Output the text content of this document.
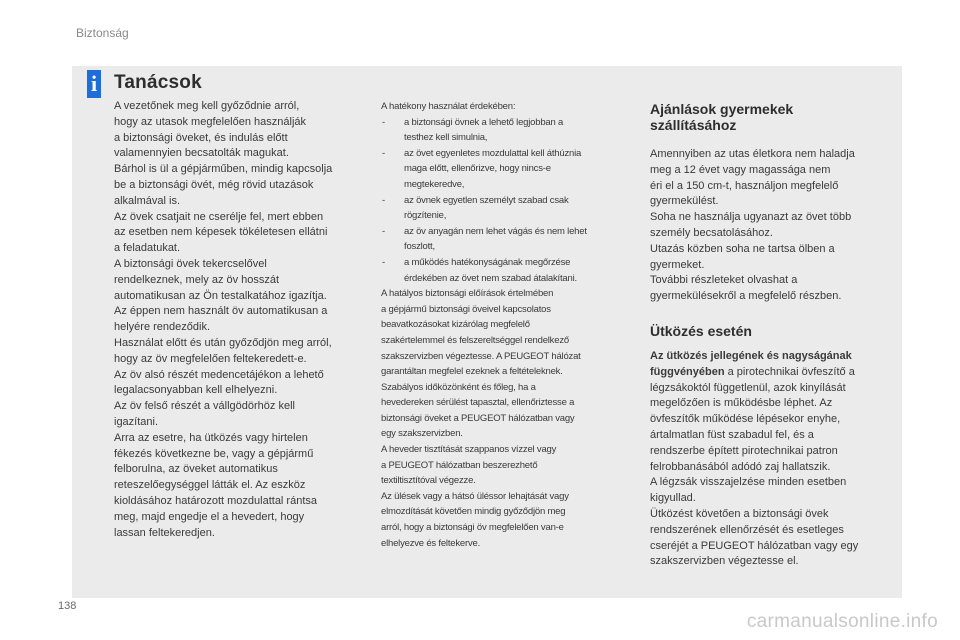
Biztonság

i Tanácsok

A vezetőnek meg kell győződnie arról,

hogy az utasok megfelelően használják

a biztonsági öveket, és indulás előtt

valamennyien becsatolták magukat.

Bárhol is ül a gépjárműben, mindig kapcsolja

be a biztonsági övét, még rövid utazások

alkalmával is.

Az övek csatjait ne cserélje fel, mert ebben

az esetben nem képesek tökéletesen ellátni

a feladatukat.

A biztonsági övek tekercselővel

rendelkeznek, mely az öv hosszát

automatikusan az Ön testalkatához igazítja.

Az éppen nem használt öv automatikusan a

helyére rendeződik.

Használat előtt és után győződjön meg arról,

hogy az öv megfelelően feltekeredett-e.

Az öv alsó részét medencetájékon a lehető

legalacsonyabban kell elhelyezni.

Az öv felső részét a vállgödörhöz kell

igazítani.

Arra az esetre, ha ütközés vagy hirtelen

fékezés következne be, vagy a gépjármű

felborulna, az öveket automatikus

reteszelőegységgel látták el. Az eszköz

kioldásához határozott mozdulattal rántsa

meg, majd engedje el a hevedert, hogy

lassan feltekeredjen.

A hatékony használat érdekében:

- a biztonsági övnek a lehető legjobban a
testhez kell simulnia,
- az övet egyenletes mozdulattal kell áthúznia
maga előtt, ellenőrizve, hogy nincs-e
megtekeredve,
- az övnek egyetlen személyt szabad csak
rögzítenie,
- az öv anyagán nem lehet vágás és nem lehet
foszlott,
- a működés hatékonyságának megőrzése
érdekében az övet nem szabad átalakítani.

A hatályos biztonsági előírások értelmében

a gépjármű biztonsági öveivel kapcsolatos

beavatkozásokat kizárólag megfelelő

szakértelemmel és felszereltséggel rendelkező

szakszervizben végeztesse. A PEUGEOT hálózat

garantáltan megfelel ezeknek a feltételeknek.

Szabályos időközönként és főleg, ha a

hevedereken sérülést tapasztal, ellenőriztesse a

biztonsági öveket a PEUGEOT hálózatban vagy

egy szakszervizben.

A heveder tisztítását szappanos vízzel vagy

a PEUGEOT hálózatban beszerezhető

textiltisztítóval végezze.

Az ülések vagy a hátsó üléssor lehajtását vagy

elmozdítását követően mindig győződjön meg

arról, hogy a biztonsági öv megfelelően van-e

elhelyezve és feltekerve.

Ajánlások gyermekek
szállításához

Amennyiben az utas életkora nem haladja

meg a 12 évet vagy magassága nem

éri el a 150 cm-t, használjon megfelelő

gyermekülést.

Soha ne használja ugyanazt az övet több

személy becsatolásához.

Utazás közben soha ne tartsa ölben a

gyermeket.

További részleteket olvashat a

gyermekülésekről a megfelelő részben.

Ütközés esetén

Az ütközés jellegének és nagyságának

függvényében a pirotechnikai övfeszítő a

légzsákoktól függetlenül, azok kinyílását

megelőzően is működésbe léphet. Az

övfeszítők működése lépésekor enyhe,

ártalmatlan füst szabadul fel, és a

rendszerbe épített pirotechnikai patron

felrobbanásából adódó zaj hallatszik.

A légzsák visszajelzése minden esetben

kigyullad.

Ütközést követően a biztonsági övek

rendszerének ellenőrzését és esetleges

cseréjét a PEUGEOT hálózatban vagy egy

szakszervizben végeztesse el.

138

carmanualsonline.info
